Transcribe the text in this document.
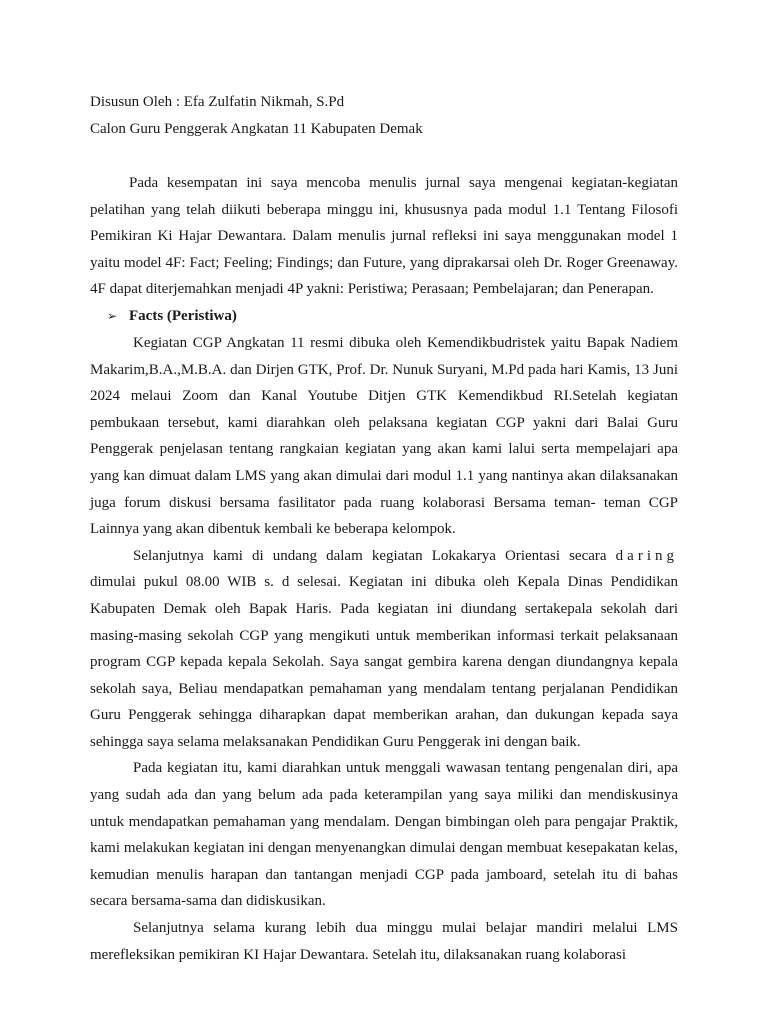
Disusun Oleh : Efa Zulfatin Nikmah, S.Pd

Calon Guru Penggerak Angkatan 11 Kabupaten Demak

Pada kesempatan ini saya mencoba menulis jurnal saya mengenai kegiatan-kegiatan pelatihan yang telah diikuti beberapa minggu ini, khususnya pada modul 1.1 Tentang Filosofi Pemikiran Ki Hajar Dewantara. Dalam menulis jurnal refleksi ini saya menggunakan model 1 yaitu model 4F: Fact; Feeling; Findings; dan Future, yang diprakarsai oleh Dr. Roger Greenaway. 4F dapat diterjemahkan menjadi 4P yakni: Peristiwa; Perasaan; Pembelajaran; dan Penerapan.

➢ Facts (Peristiwa)

Kegiatan CGP Angkatan 11 resmi dibuka oleh Kemendikbudristek yaitu Bapak Nadiem Makarim,B.A.,M.B.A. dan Dirjen GTK, Prof. Dr. Nunuk Suryani, M.Pd pada hari Kamis, 13 Juni 2024 melaui Zoom dan Kanal Youtube Ditjen GTK Kemendikbud RI.Setelah kegiatan pembukaan tersebut, kami diarahkan oleh pelaksana kegiatan CGP yakni dari Balai Guru Penggerak penjelasan tentang rangkaian kegiatan yang akan kami lalui serta mempelajari apa yang kan dimuat dalam LMS yang akan dimulai dari modul 1.1 yang nantinya akan dilaksanakan juga forum diskusi bersama fasilitator pada ruang kolaborasi Bersama teman- teman CGP Lainnya yang akan dibentuk kembali ke beberapa kelompok.

Selanjutnya kami di undang dalam kegiatan Lokakarya Orientasi secara daring dimulai pukul 08.00 WIB s. d selesai. Kegiatan ini dibuka oleh Kepala Dinas Pendidikan Kabupaten Demak oleh Bapak Haris. Pada kegiatan ini diundang sertakepala sekolah dari masing-masing sekolah CGP yang mengikuti untuk memberikan informasi terkait pelaksanaan program CGP kepada kepala Sekolah. Saya sangat gembira karena dengan diundangnya kepala sekolah saya, Beliau mendapatkan pemahaman yang mendalam tentang perjalanan Pendidikan Guru Penggerak sehingga diharapkan dapat memberikan arahan, dan dukungan kepada saya sehingga saya selama melaksanakan Pendidikan Guru Penggerak ini dengan baik.

Pada kegiatan itu, kami diarahkan untuk menggali wawasan tentang pengenalan diri, apa yang sudah ada dan yang belum ada pada keterampilan yang saya miliki dan mendiskusinya untuk mendapatkan pemahaman yang mendalam. Dengan bimbingan oleh para pengajar Praktik, kami melakukan kegiatan ini dengan menyenangkan dimulai dengan membuat kesepakatan kelas, kemudian menulis harapan dan tantangan menjadi CGP pada jamboard, setelah itu di bahas secara bersama-sama dan didiskusikan.

Selanjutnya selama kurang lebih dua minggu mulai belajar mandiri melalui LMS merefleksikan pemikiran KI Hajar Dewantara. Setelah itu, dilaksanakan ruang kolaborasi
